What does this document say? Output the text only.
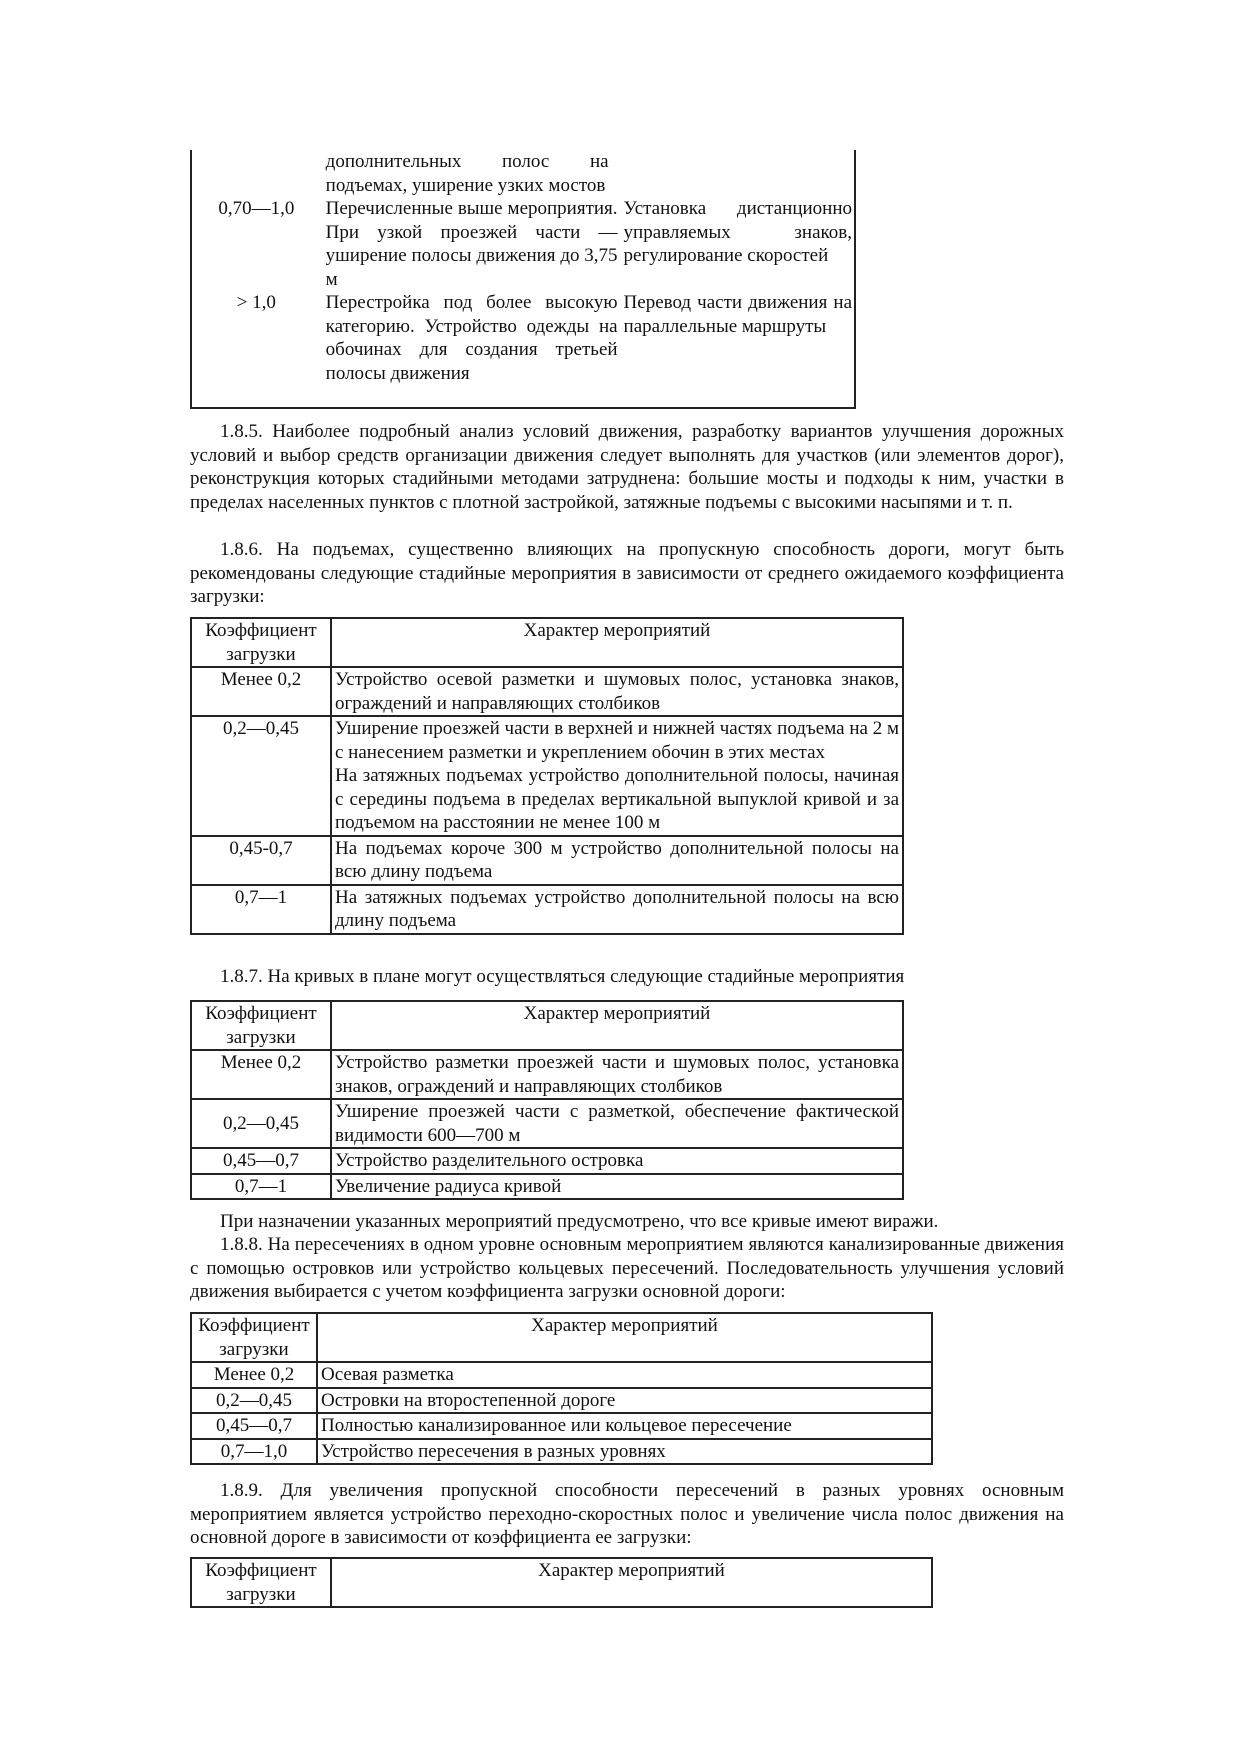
	дополнительных полос на подъемах, уширение узких мостов	
0,70—1,0	Перечисленные выше мероприятия. При узкой проезжей части — уширение полосы движения до 3,75 м	Установка дистанционно управляемых знаков, регулирование скоростей
> 1,0	Перестройка под более высокую категорию. Устройство одежды на обочинах для создания третьей полосы движения	Перевод части движения на параллельные маршруты

1.8.5. Наиболее подробный анализ условий движения, разработку вариантов улучшения дорожных условий и выбор средств организации движения следует выполнять для участков (или элементов дорог), реконструкция которых стадийными методами затруднена: большие мосты и подходы к ним, участки в пределах населенных пунктов с плотной застройкой, затяжные подъемы с высокими насыпями и т. п.

1.8.6. На подъемах, существенно влияющих на пропускную способность дороги, могут быть рекомендованы следующие стадийные мероприятия в зависимости от среднего ожидаемого коэффициента загрузки:

Коэффициент загрузки	Характер мероприятий
Менее 0,2	Устройство осевой разметки и шумовых полос, установка знаков, ограждений и направляющих столбиков
0,2—0,45	Уширение проезжей части в верхней и нижней частях подъема на 2 м с нанесением разметки и укреплением обочин в этих местах
На затяжных подъемах устройство дополнительной полосы, начиная с середины подъема в пределах вертикальной выпуклой кривой и за подъемом на расстоянии не менее 100 м
0,45-0,7	На подъемах короче 300 м устройство дополнительной полосы на всю длину подъема
0,7—1	На затяжных подъемах устройство дополнительной полосы на всю длину подъема

1.8.7. На кривых в плане могут осуществляться следующие стадийные мероприятия

Коэффициент загрузки	Характер мероприятий
Менее 0,2	Устройство разметки проезжей части и шумовых полос, установка знаков, ограждений и направляющих столбиков
0,2—0,45	Уширение проезжей части с разметкой, обеспечение фактической видимости 600—700 м
0,45—0,7	Устройство разделительного островка
0,7—1	Увеличение радиуса кривой

При назначении указанных мероприятий предусмотрено, что все кривые имеют виражи.

1.8.8. На пересечениях в одном уровне основным мероприятием являются канализированные движения с помощью островков или устройство кольцевых пересечений. Последовательность улучшения условий движения выбирается с учетом коэффициента загрузки основной дороги:

Коэффициент загрузки	Характер мероприятий
Менее 0,2	Осевая разметка
0,2—0,45	Островки на второстепенной дороге
0,45—0,7	Полностью канализированное или кольцевое пересечение
0,7—1,0	Устройство пересечения в разных уровнях

1.8.9. Для увеличения пропускной способности пересечений в разных уровнях основным мероприятием является устройство переходно-скоростных полос и увеличение числа полос движения на основной дороге в зависимости от коэффициента ее загрузки:

Коэффициент загрузки	Характер мероприятий
